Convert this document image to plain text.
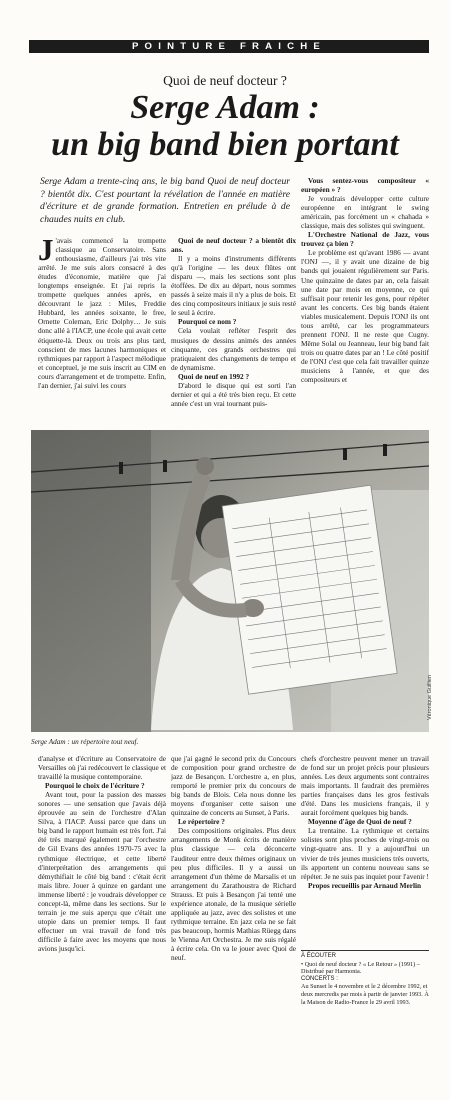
POINTURE FRAICHE
Quoi de neuf docteur ?
Serge Adam :
un big band bien portant
Serge Adam a trente-cinq ans, le big band Quoi de neuf docteur ? bientôt dix. C'est pourtant la révélation de l'année en matière d'écriture et de grande formation. Entretien en prélude à de chaudes nuits en club.

J 'avais commencé la trompette classique au Conservatoire. Sans enthousiasme, d'ailleurs j'ai très vite arrêté. Je me suis alors consacré à des études d'économie, matière que j'ai longtemps enseignée. Et j'ai repris la trompette quelques années après, en découvrant le jazz : Miles, Freddie Hubbard, les années soixante, le free, Ornette Coleman, Eric Dolphy… Je suis donc allé à l'IACP, une école qui avait cette étiquette-là. Deux ou trois ans plus tard, conscient de mes lacunes harmoniques et rythmiques par rapport à l'aspect mélodique et conceptuel, je me suis inscrit au CIM en cours d'arrangement et de trompette. Enfin, l'an dernier, j'ai suivi les cours

Quoi de neuf docteur ? a bientôt dix ans.

Il y a moins d'instruments différents qu'à l'origine — les deux flûtes ont disparu —, mais les sections sont plus étoffées. De dix au départ, nous sommes passés à seize mais il n'y a plus de bois. Et des cinq compositeurs initiaux je suis resté le seul à écrire.

Pourquoi ce nom ?

Cela voulait refléter l'esprit des musiques de dessins animés des années cinquante, ces grands orchestres qui pratiquaient des changements de tempo et de dynamisme.

Quoi de neuf en 1992 ?

D'abord le disque qui est sorti l'an dernier et qui a été très bien reçu. Et cette année c'est un vrai tournant puis-

Vous sentez-vous compositeur « européen » ?

Je voudrais développer cette culture européenne en intégrant le swing américain, pas forcément un « chahada » classique, mais des solistes qui swinguent.

L'Orchestre National de Jazz, vous trouvez ça bien ?

Le problème est qu'avant 1986 — avant l'ONJ —, il y avait une dizaine de big bands qui jouaient régulièrement sur Paris. Une quinzaine de dates par an, cela faisait une date par mois en moyenne, ce qui suffisait pour retenir les gens, pour répéter avant les concerts. Ces big bands étaient viables musicalement. Depuis l'ONJ ils ont tous arrêté, car les programmateurs prennent l'ONJ. Il ne reste que Cugny. Même Solal ou Jeanneau, leur big band fait trois ou quatre dates par an ! Le côté positif de l'ONJ c'est que cela fait travailler quinze musiciens à l'année, et que des compositeurs et

Véronique Guillien
Serge Adam : un répertoire tout neuf.

d'analyse et d'écriture au Conservatoire de Versailles où j'ai redécouvert le classique et travaillé la musique contemporaine.

Pourquoi le choix de l'écriture ?

Avant tout, pour la passion des masses sonores — une sensation que j'avais déjà éprouvée au sein de l'orchestre d'Alan Silva, à l'IACP. Aussi parce que dans un big band le rapport humain est très fort. J'ai été très marqué également par l'orchestre de Gil Evans des années 1970-75 avec la rythmique électrique, et cette liberté d'interprétation des arrangements qui démythifiait le côté big band : c'était écrit mais libre. Jouer à quinze en gardant une immense liberté : je voudrais développer ce concept-là, même dans les sections. Sur le terrain je me suis aperçu que c'était une utopie dans un premier temps. Il faut effectuer un vrai travail de fond très difficile à faire avec les moyens que nous avions jusqu'ici.

que j'ai gagné le second prix du Concours de composition pour grand orchestre de jazz de Besançon. L'orchestre a, en plus, remporté le premier prix du concours de big bands de Blois. Cela nous donne les moyens d'organiser cette saison une quinzaine de concerts au Sunset, à Paris.

Le répertoire ?

Des compositions originales. Plus deux arrangements de Monk écrits de manière plus classique — cela déconcerte l'auditeur entre deux thèmes originaux un peu plus difficiles. Il y a aussi un arrangement d'un thème de Marsalis et un arrangement du Zarathoustra de Richard Strauss. Et puis à Besançon j'ai tenté une expérience atonale, de la musique sérielle appliquée au jazz, avec des solistes et une rythmique terraine. En jazz cela ne se fait pas beaucoup, hormis Mathias Rüegg dans le Vienna Art Orchestra. Je me suis régalé à écrire cela. On va le jouer avec Quoi de neuf.

chefs d'orchestre peuvent mener un travail de fond sur un projet précis pour plusieurs années. Les deux arguments sont contraires mais importants. Il faudrait des premières parties françaises dans les gros festivals d'été. Dans les musiciens français, il y aurait forcément quelques big bands.

Moyenne d'âge de Quoi de neuf ?

La trentaine. La rythmique et certains solistes sont plus proches de vingt-trois ou vingt-quatre ans. Il y a aujourd'hui un vivier de très jeunes musiciens très ouverts, ils apportent un contenu nouveau sans se répéter. Je ne suis pas inquiet pour l'avenir !

Propos recueillis par Arnaud Merlin

À ÉCOUTER

• Quoi de neuf docteur ? « Le Retour » (1991) – Distribué par Harmonia.

CONCERTS :

Au Sunset le 4 novembre et le 2 décembre 1992, et deux mercredis par mois à partir de janvier 1993. À la Maison de Radio-France le 29 avril 1993.
